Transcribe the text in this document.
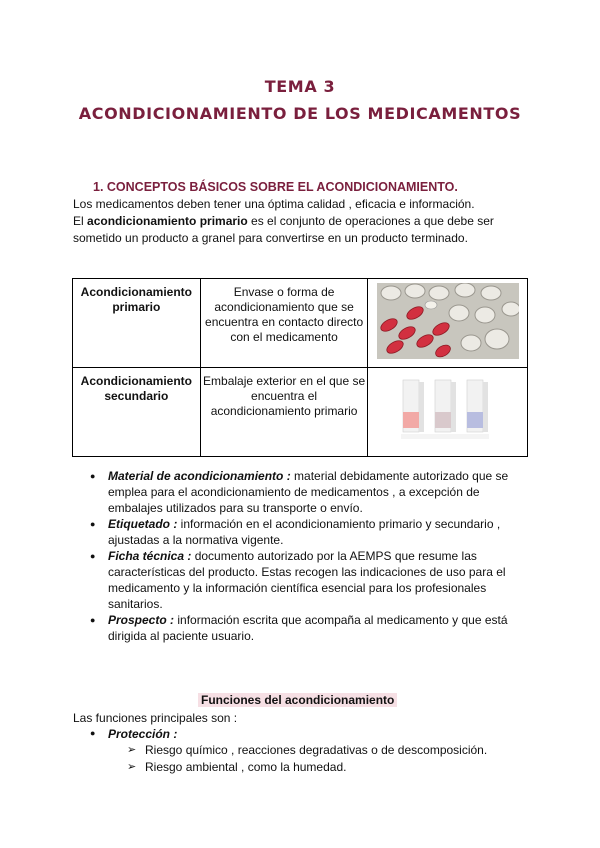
TEMA 3
ACONDICIONAMIENTO DE LOS MEDICAMENTOS
1. CONCEPTOS BÁSICOS SOBRE EL ACONDICIONAMIENTO.
Los medicamentos deben tener una óptima calidad , eficacia e información.
El acondicionamiento primario es el conjunto de operaciones a que debe ser
sometido un producto a granel para convertirse en un producto terminado.
Acondicionamiento primario	Envase o forma de acondicionamiento que se encuentra en contacto directo con el medicamento	
Acondicionamiento secundario	Embalaje exterior en el que se encuentra el acondicionamiento primario	
● Material de acondicionamiento : material debidamente autorizado que se emplea para el acondicionamiento de medicamentos , a excepción de embalajes utilizados para su transporte o envío.
● Etiquetado : información en el acondicionamiento primario y secundario , ajustadas a la normativa vigente.
● Ficha técnica : documento autorizado por la AEMPS que resume las características del producto. Estas recogen las indicaciones de uso para el medicamento y la información científica esencial para los profesionales sanitarios.
● Prospecto : información escrita que acompaña al medicamento y que está dirigida al paciente usuario.
Funciones del acondicionamiento
Las funciones principales son :
● Protección :
➢ Riesgo químico , reacciones degradativas o de descomposición.
➢ Riesgo ambiental , como la humedad.
